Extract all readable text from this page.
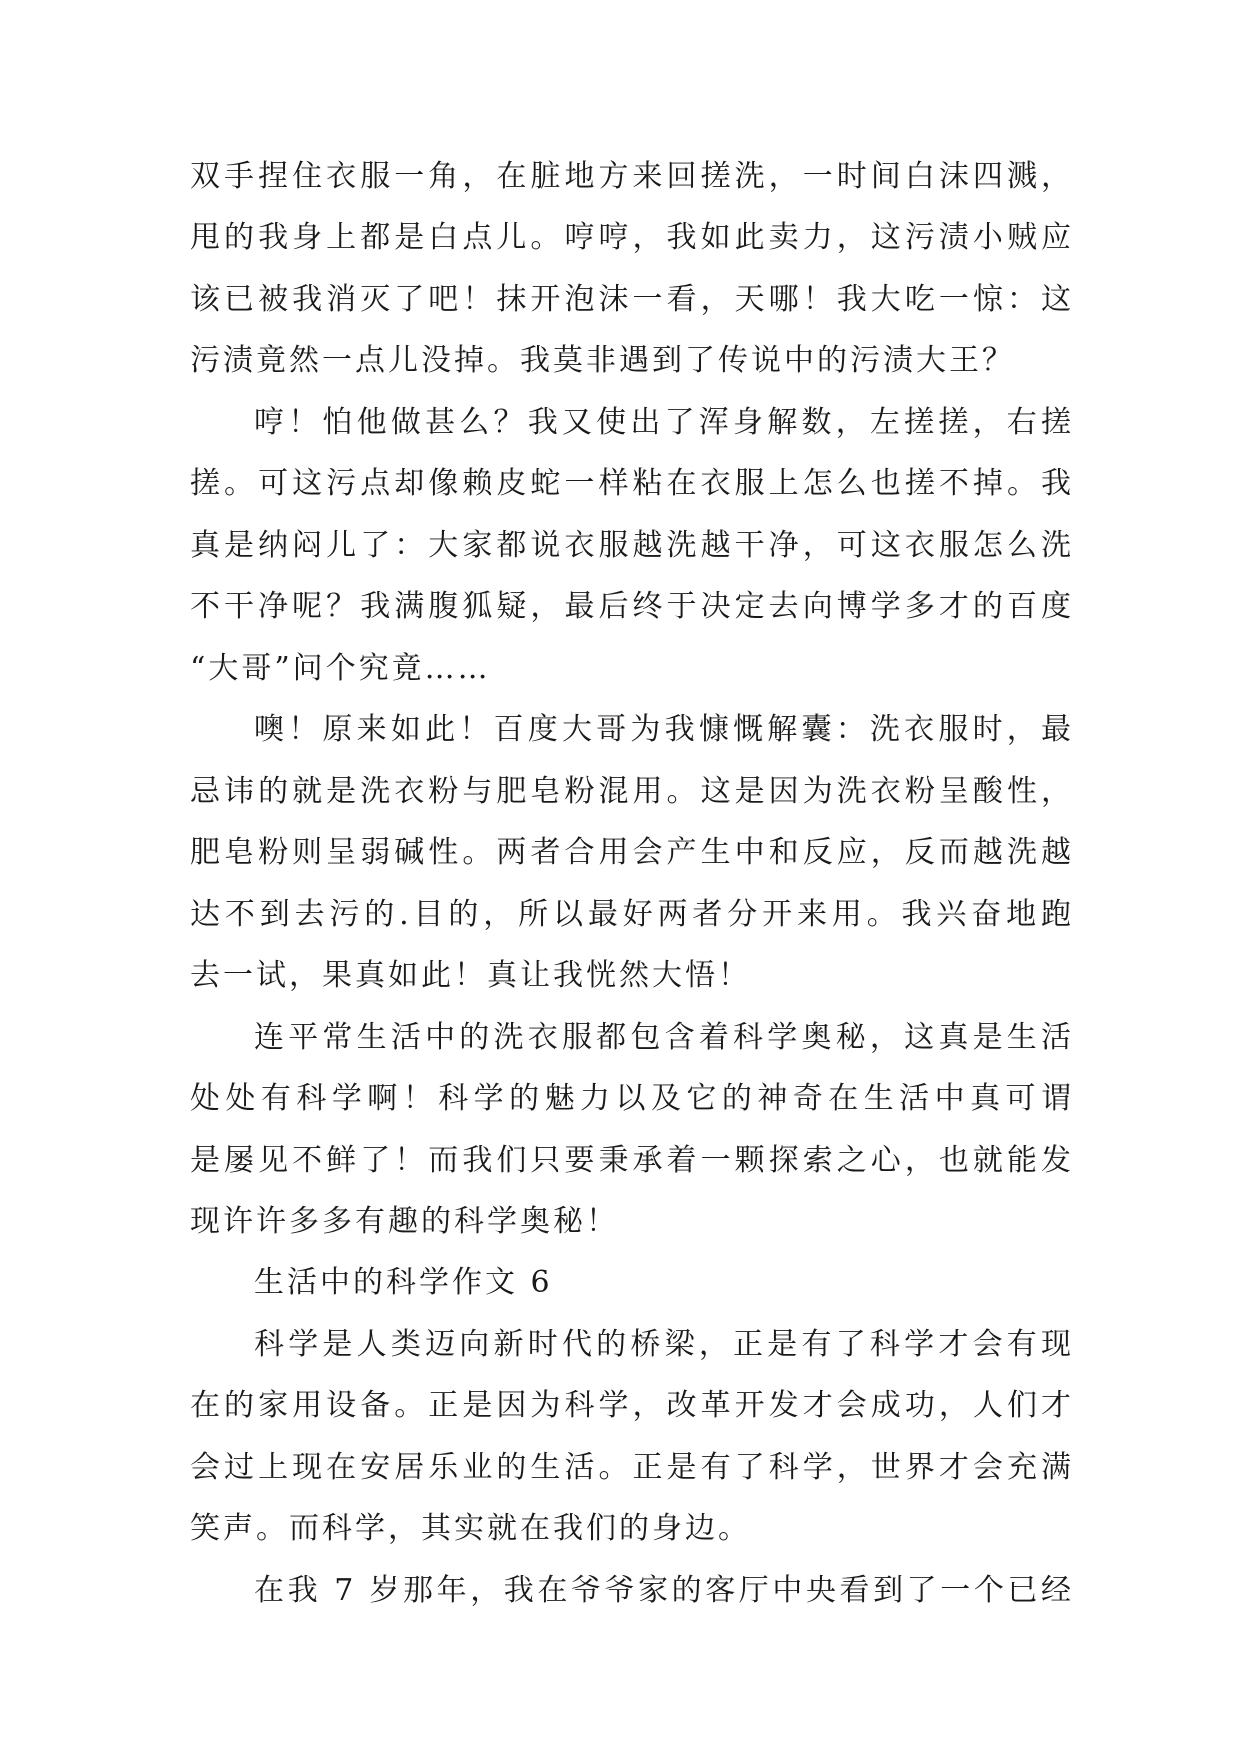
双手捏住衣服一角，在脏地方来回搓洗，一时间白沫四溅，
甩的我身上都是白点儿。哼哼，我如此卖力，这污渍小贼应
该已被我消灭了吧！抹开泡沫一看，天哪！我大吃一惊：这
污渍竟然一点儿没掉。我莫非遇到了传说中的污渍大王？
哼！怕他做甚么？我又使出了浑身解数，左搓搓，右搓
搓。可这污点却像赖皮蛇一样粘在衣服上怎么也搓不掉。我
真是纳闷儿了：大家都说衣服越洗越干净，可这衣服怎么洗
不干净呢？我满腹狐疑，最后终于决定去向博学多才的百度
“大哥”问个究竟……
噢！原来如此！百度大哥为我慷慨解囊：洗衣服时，最
忌讳的就是洗衣粉与肥皂粉混用。这是因为洗衣粉呈酸性，
肥皂粉则呈弱碱性。两者合用会产生中和反应，反而越洗越
达不到去污的.目的，所以最好两者分开来用。我兴奋地跑
去一试，果真如此！真让我恍然大悟！
连平常生活中的洗衣服都包含着科学奥秘，这真是生活
处处有科学啊！科学的魅力以及它的神奇在生活中真可谓
是屡见不鲜了！而我们只要秉承着一颗探索之心，也就能发
现许许多多有趣的科学奥秘！
生活中的科学作文 6
科学是人类迈向新时代的桥梁，正是有了科学才会有现
在的家用设备。正是因为科学，改革开发才会成功，人们才
会过上现在安居乐业的生活。正是有了科学，世界才会充满
笑声。而科学，其实就在我们的身边。
在我 7 岁那年，我在爷爷家的客厅中央看到了一个已经
